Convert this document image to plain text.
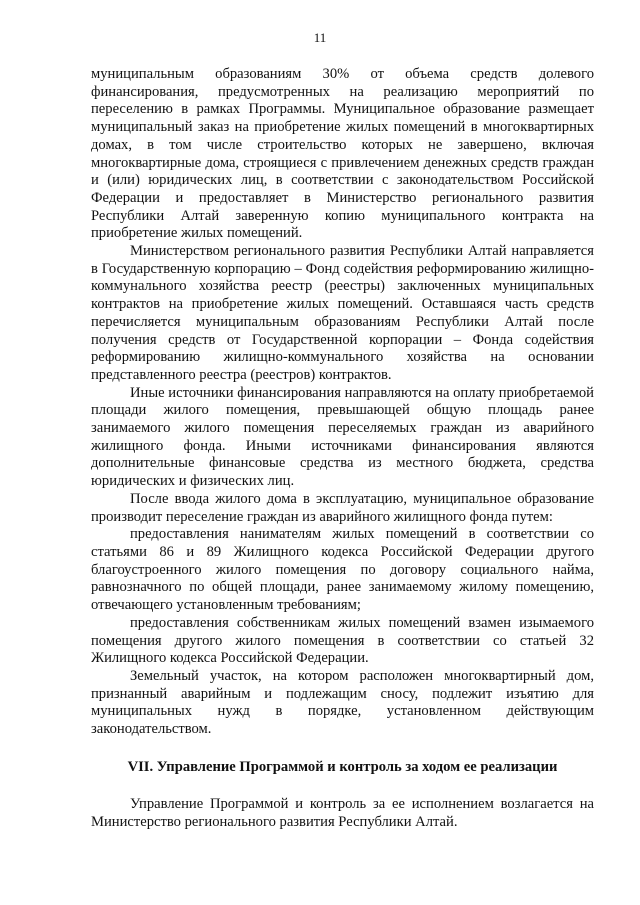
11

муниципальным образованиям 30% от объема средств долевого финансирования, предусмотренных на реализацию мероприятий по переселению в рамках Программы. Муниципальное образование размещает муниципальный заказ на приобретение жилых помещений в многоквартирных домах, в том числе строительство которых не завершено, включая многоквартирные дома, строящиеся с привлечением денежных средств граждан и (или) юридических лиц, в соответствии с законодательством Российской Федерации и предоставляет в Министерство регионального развития Республики Алтай заверенную копию муниципального контракта на приобретение жилых помещений.

Министерством регионального развития Республики Алтай направляется в Государственную корпорацию – Фонд содействия реформированию жилищно-коммунального хозяйства реестр (реестры) заключенных муниципальных контрактов на приобретение жилых помещений. Оставшаяся часть средств перечисляется муниципальным образованиям Республики Алтай после получения средств от Государственной корпорации – Фонда содействия реформированию жилищно-коммунального хозяйства на основании представленного реестра (реестров) контрактов.

Иные источники финансирования направляются на оплату приобретаемой площади жилого помещения, превышающей общую площадь ранее занимаемого жилого помещения переселяемых граждан из аварийного жилищного фонда. Иными источниками финансирования являются дополнительные финансовые средства из местного бюджета, средства юридических и физических лиц.

После ввода жилого дома в эксплуатацию, муниципальное образование производит переселение граждан из аварийного жилищного фонда путем:

предоставления нанимателям жилых помещений в соответствии со статьями 86 и 89 Жилищного кодекса Российской Федерации другого благоустроенного жилого помещения по договору социального найма, равнозначного по общей площади, ранее занимаемому жилому помещению, отвечающего установленным требованиям;

предоставления собственникам жилых помещений взамен изымаемого помещения другого жилого помещения в соответствии со статьей 32 Жилищного кодекса Российской Федерации.

Земельный участок, на котором расположен многоквартирный дом, признанный аварийным и подлежащим сносу, подлежит изъятию для муниципальных нужд в порядке, установленном действующим законодательством.

VII. Управление Программой и контроль за ходом ее реализации

Управление Программой и контроль за ее исполнением возлагается на Министерство регионального развития Республики Алтай.
